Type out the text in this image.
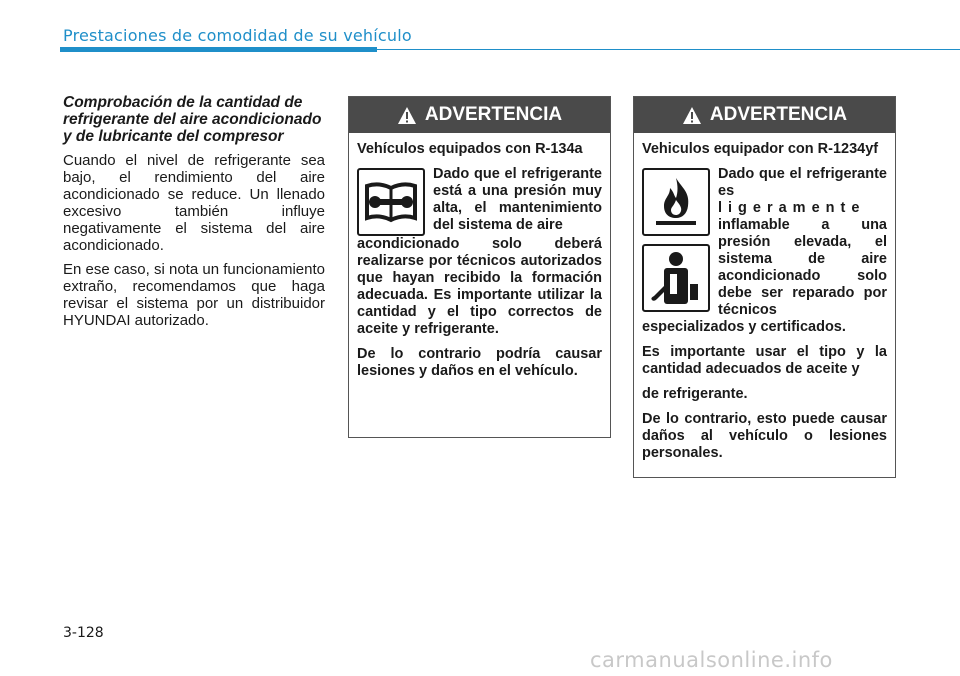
Prestaciones de comodidad de su vehículo
Comprobación de la cantidad de refrigerante del aire acondicionado y de lubricante del compresor

Cuando el nivel de refrigerante sea bajo, el rendimiento del aire acondicionado se reduce. Un llenado excesivo también influye negativamente el sistema del aire acondicionado.

En ese caso, si nota un funcionamiento extraño, recomendamos que haga revisar el sistema por un distribuidor HYUNDAI autorizado.

ADVERTENCIA

Vehículos equipados con R-134a

Dado que el refrigerante está a una presión muy alta, el mantenimiento del sistema de aire

acondicionado solo deberá realizarse por técnicos autorizados que hayan recibido la formación adecuada. Es importante utilizar la cantidad y el tipo correctos de aceite y refrigerante.

De lo contrario podría causar lesiones y daños en el vehículo.

ADVERTENCIA

Vehiculos equipador con R-1234yf

Dado que el refrigerante es

ligeramente

inflamable a una presión elevada, el sistema de aire acondicionado solo debe ser reparado por técnicos

especializados y certificados.

Es importante usar el tipo y la cantidad adecuados de aceite y

de refrigerante.

De lo contrario, esto puede causar daños al vehículo o lesiones personales.

3-128
carmanualsonline.info
